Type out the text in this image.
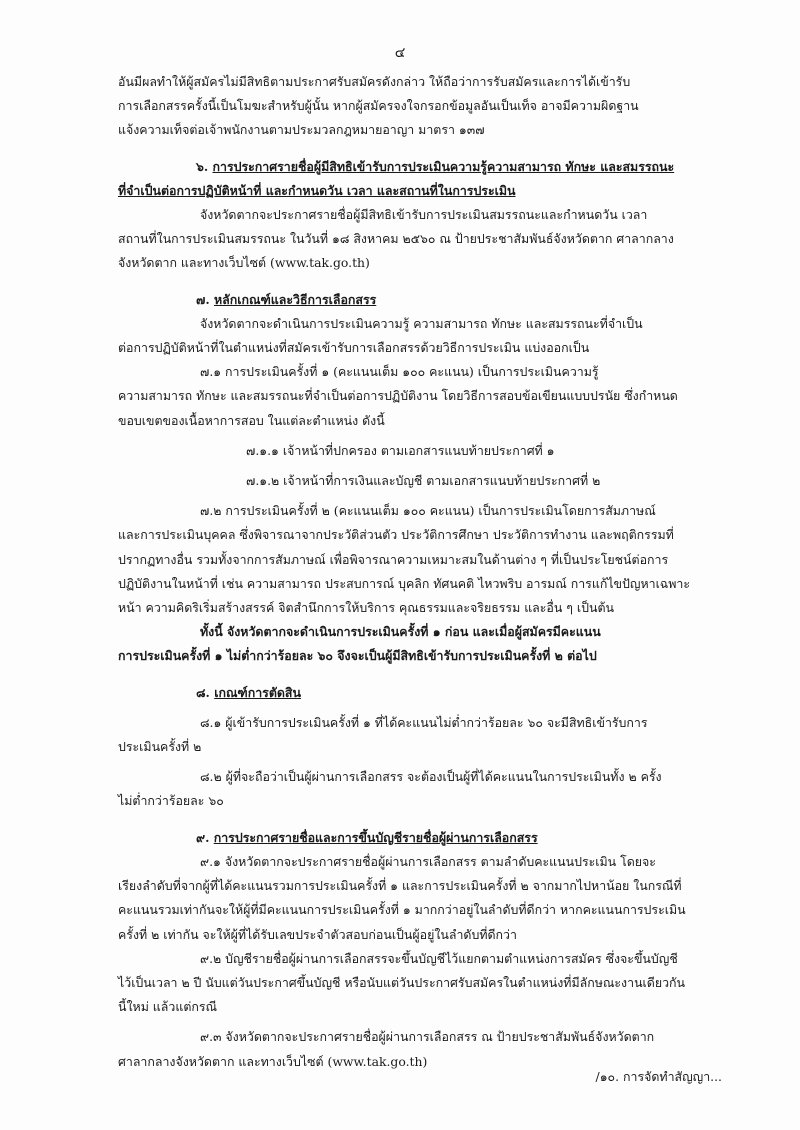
๔

อันมีผลทำให้ผู้สมัครไม่มีสิทธิตามประกาศรับสมัครดังกล่าว ให้ถือว่าการรับสมัครและการได้เข้ารับ

การเลือกสรรครั้งนี้เป็นโมฆะสำหรับผู้นั้น หากผู้สมัครจงใจกรอกข้อมูลอันเป็นเท็จ อาจมีความผิดฐาน

แจ้งความเท็จต่อเจ้าพนักงานตามประมวลกฎหมายอาญา มาตรา ๑๓๗

๖. การประกาศรายชื่อผู้มีสิทธิเข้ารับการประเมินความรู้ความสามารถ ทักษะ และสมรรถนะ

ที่จำเป็นต่อการปฏิบัติหน้าที่ และกำหนดวัน เวลา และสถานที่ในการประเมิน

จังหวัดตากจะประกาศรายชื่อผู้มีสิทธิเข้ารับการประเมินสมรรถนะและกำหนดวัน เวลา

สถานที่ในการประเมินสมรรถนะ ในวันที่ ๑๘ สิงหาคม ๒๕๖๐ ณ ป้ายประชาสัมพันธ์จังหวัดตาก ศาลากลาง

จังหวัดตาก และทางเว็บไซต์ (www.tak.go.th)

๗. หลักเกณฑ์และวิธีการเลือกสรร

จังหวัดตากจะดำเนินการประเมินความรู้ ความสามารถ ทักษะ และสมรรถนะที่จำเป็น

ต่อการปฏิบัติหน้าที่ในตำแหน่งที่สมัครเข้ารับการเลือกสรรด้วยวิธีการประเมิน แบ่งออกเป็น

๗.๑ การประเมินครั้งที่ ๑ (คะแนนเต็ม ๑๐๐ คะแนน) เป็นการประเมินความรู้

ความสามารถ ทักษะ และสมรรถนะที่จำเป็นต่อการปฏิบัติงาน โดยวิธีการสอบข้อเขียนแบบปรนัย ซึ่งกำหนด

ขอบเขตของเนื้อหาการสอบ ในแต่ละตำแหน่ง ดังนี้

๗.๑.๑ เจ้าหน้าที่ปกครอง ตามเอกสารแนบท้ายประกาศที่ ๑

๗.๑.๒ เจ้าหน้าที่การเงินและบัญชี ตามเอกสารแนบท้ายประกาศที่ ๒

๗.๒ การประเมินครั้งที่ ๒ (คะแนนเต็ม ๑๐๐ คะแนน) เป็นการประเมินโดยการสัมภาษณ์

และการประเมินบุคคล ซึ่งพิจารณาจากประวัติส่วนตัว ประวัติการศึกษา ประวัติการทำงาน และพฤติกรรมที่

ปรากฏทางอื่น รวมทั้งจากการสัมภาษณ์ เพื่อพิจารณาความเหมาะสมในด้านต่าง ๆ ที่เป็นประโยชน์ต่อการ

ปฏิบัติงานในหน้าที่ เช่น ความสามารถ ประสบการณ์ บุคลิก ทัศนคติ ไหวพริบ อารมณ์ การแก้ไขปัญหาเฉพาะ

หน้า ความคิดริเริ่มสร้างสรรค์ จิตสำนึกการให้บริการ คุณธรรมและจริยธรรม และอื่น ๆ เป็นต้น

ทั้งนี้ จังหวัดตากจะดำเนินการประเมินครั้งที่ ๑ ก่อน และเมื่อผู้สมัครมีคะแนน

การประเมินครั้งที่ ๑ ไม่ต่ำกว่าร้อยละ ๖๐ จึงจะเป็นผู้มีสิทธิเข้ารับการประเมินครั้งที่ ๒ ต่อไป

๘. เกณฑ์การตัดสิน

๘.๑ ผู้เข้ารับการประเมินครั้งที่ ๑ ที่ได้คะแนนไม่ต่ำกว่าร้อยละ ๖๐ จะมีสิทธิเข้ารับการ

ประเมินครั้งที่ ๒

๘.๒ ผู้ที่จะถือว่าเป็นผู้ผ่านการเลือกสรร จะต้องเป็นผู้ที่ได้คะแนนในการประเมินทั้ง ๒ ครั้ง

ไม่ต่ำกว่าร้อยละ ๖๐

๙. การประกาศรายชื่อและการขึ้นบัญชีรายชื่อผู้ผ่านการเลือกสรร

๙.๑ จังหวัดตากจะประกาศรายชื่อผู้ผ่านการเลือกสรร ตามลำดับคะแนนประเมิน โดยจะ

เรียงลำดับที่จากผู้ที่ได้คะแนนรวมการประเมินครั้งที่ ๑ และการประเมินครั้งที่ ๒ จากมากไปหาน้อย ในกรณีที่

คะแนนรวมเท่ากันจะให้ผู้ที่มีคะแนนการประเมินครั้งที่ ๑ มากกว่าอยู่ในลำดับที่ดีกว่า หากคะแนนการประเมิน

ครั้งที่ ๒ เท่ากัน จะให้ผู้ที่ได้รับเลขประจำตัวสอบก่อนเป็นผู้อยู่ในลำดับที่ดีกว่า

๙.๒ บัญชีรายชื่อผู้ผ่านการเลือกสรรจะขึ้นบัญชีไว้แยกตามตำแหน่งการสมัคร ซึ่งจะขึ้นบัญชี

ไว้เป็นเวลา ๒ ปี นับแต่วันประกาศขึ้นบัญชี หรือนับแต่วันประกาศรับสมัครในตำแหน่งที่มีลักษณะงานเดียวกัน

นี้ใหม่ แล้วแต่กรณี

๙.๓ จังหวัดตากจะประกาศรายชื่อผู้ผ่านการเลือกสรร ณ ป้ายประชาสัมพันธ์จังหวัดตาก

ศาลากลางจังหวัดตาก และทางเว็บไซต์ (www.tak.go.th)

/๑๐. การจัดทำสัญญา...
